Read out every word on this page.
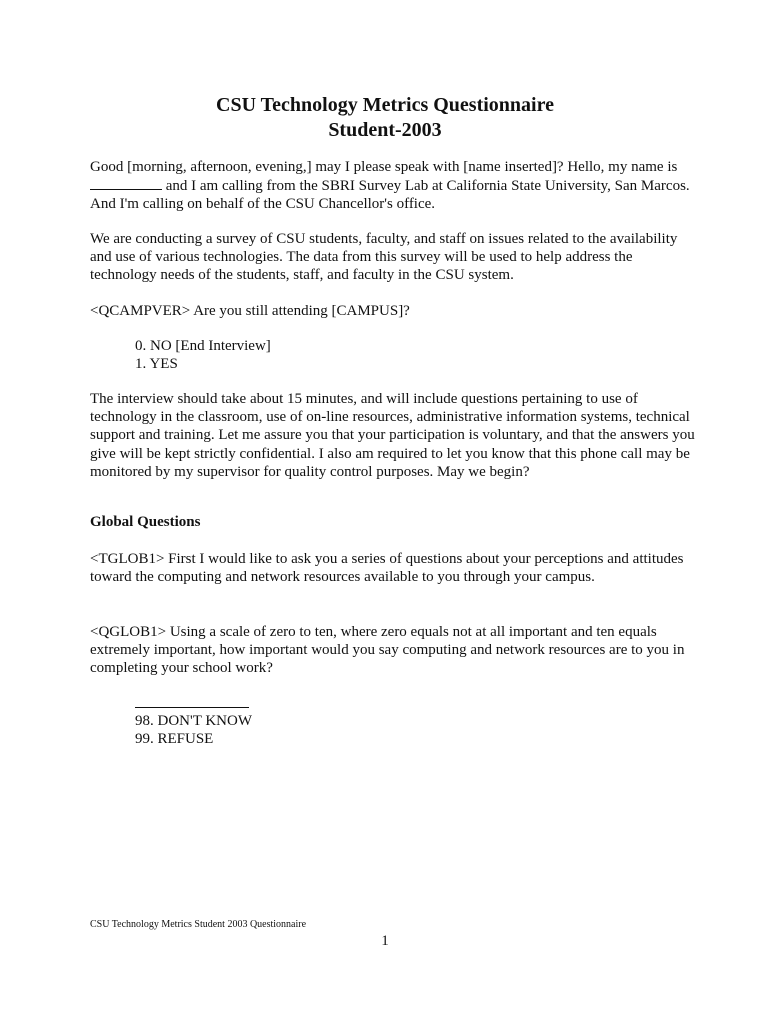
CSU Technology Metrics Questionnaire
Student-2003

Good [morning, afternoon, evening,] may I please speak with [name inserted]? Hello, my name is  and I am calling from the SBRI Survey Lab at California State University, San Marcos. And I'm calling on behalf of the CSU Chancellor's office.

We are conducting a survey of CSU students, faculty, and staff on issues related to the availability and use of various technologies. The data from this survey will be used to help address the technology needs of the students, staff, and faculty in the CSU system.

<QCAMPVER> Are you still attending [CAMPUS]?

0. NO [End Interview]
1. YES

The interview should take about 15 minutes, and will include questions pertaining to use of technology in the classroom, use of on-line resources, administrative information systems, technical support and training. Let me assure you that your participation is voluntary, and that the answers you give will be kept strictly confidential. I also am required to let you know that this phone call may be monitored by my supervisor for quality control purposes. May we begin?

Global Questions

<TGLOB1> First I would like to ask you a series of questions about your perceptions and attitudes toward the computing and network resources available to you through your campus.

<QGLOB1> Using a scale of zero to ten, where zero equals not at all important and ten equals extremely important, how important would you say computing and network resources are to you in completing your school work?

98. DON'T KNOW
99. REFUSE
CSU Technology Metrics Student 2003 Questionnaire
1
